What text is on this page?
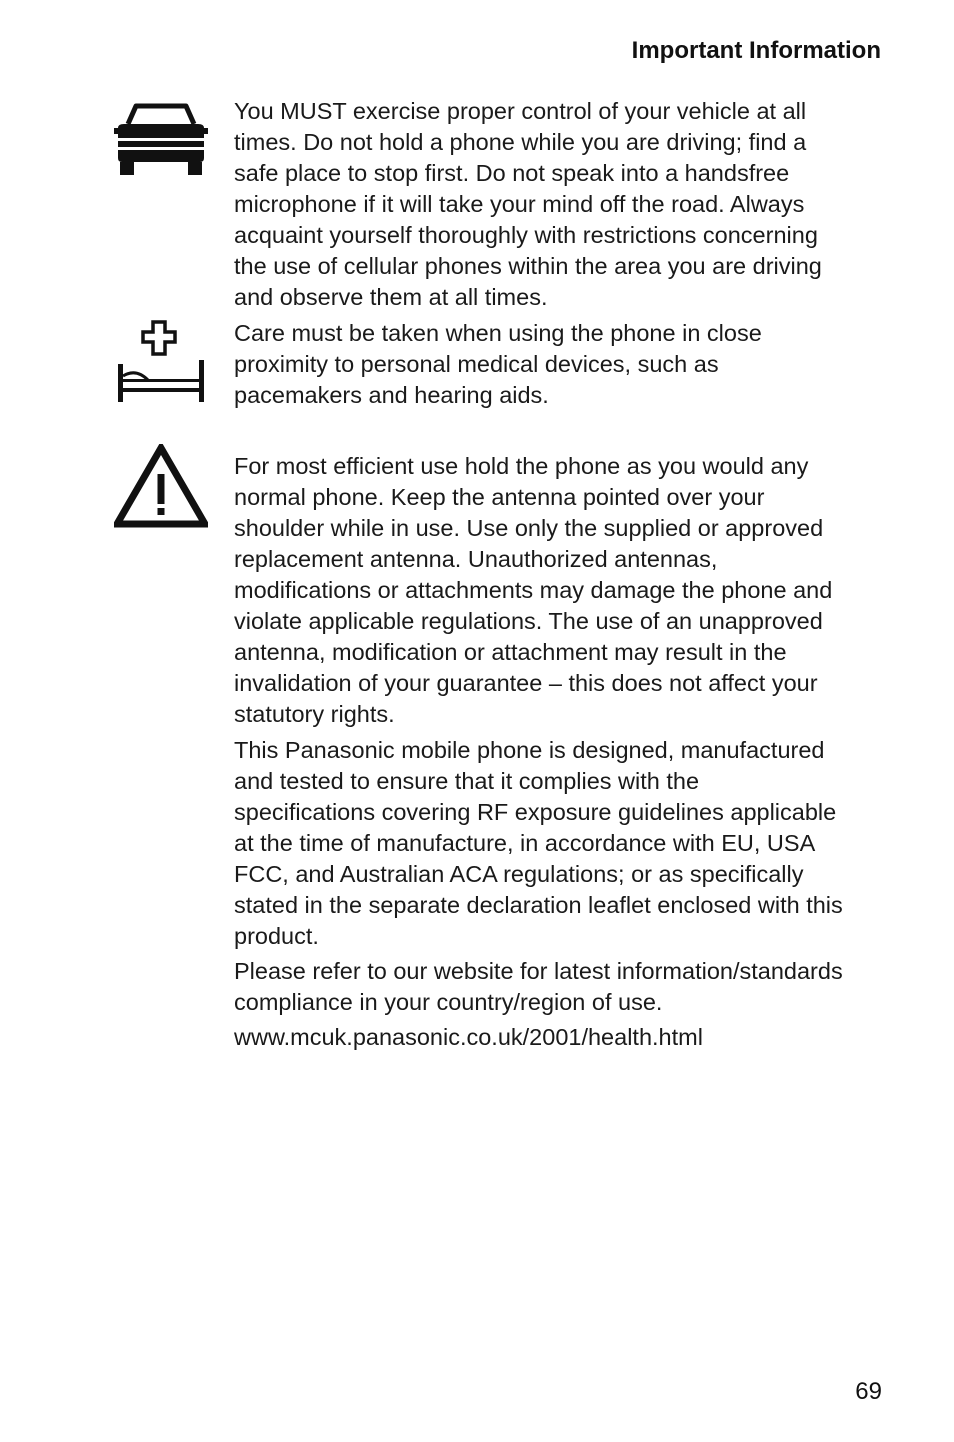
Important Information

You MUST exercise proper control of your vehicle at all
times. Do not hold a phone while you are driving; find a
safe place to stop first. Do not speak into a handsfree
microphone if it will take your mind off the road. Always
acquaint yourself thoroughly with restrictions concerning
the use of cellular phones within the area you are driving
and observe them at all times.

Care must be taken when using the phone in close
proximity to personal medical devices, such as
pacemakers and hearing aids.

For most efficient use hold the phone as you would any
normal phone. Keep the antenna pointed over your
shoulder while in use. Use only the supplied or approved
replacement antenna. Unauthorized antennas,
modifications or attachments may damage the phone and
violate applicable regulations. The use of an unapproved
antenna, modification or attachment may result in the
invalidation of your guarantee – this does not affect your
statutory rights.

This Panasonic mobile phone is designed, manufactured
and tested to ensure that it complies with the
specifications covering RF exposure guidelines applicable
at the time of manufacture, in accordance with EU, USA
FCC, and Australian ACA regulations; or as specifically
stated in the separate declaration leaflet enclosed with this
product.

Please refer to our website for latest information/standards
compliance in your country/region of use.

www.mcuk.panasonic.co.uk/2001/health.html

69
